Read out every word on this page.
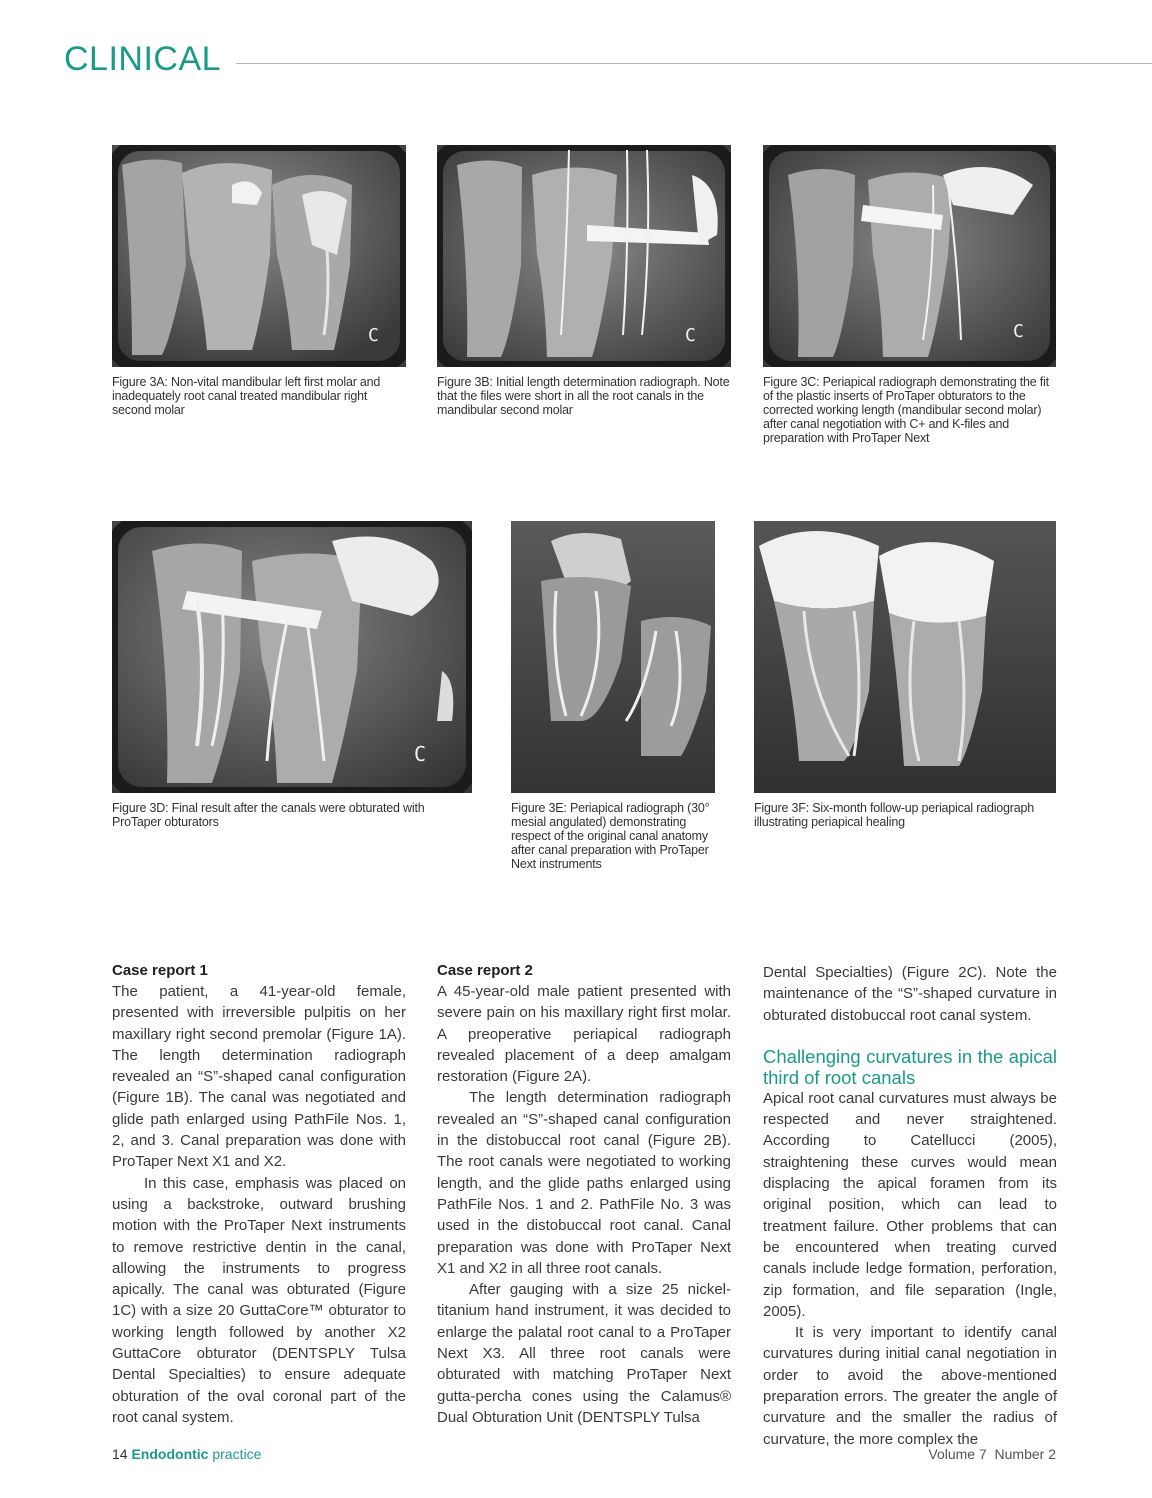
CLINICAL
C
Figure 3A: Non-vital mandibular left first molar and inadequately root canal treated mandibular right second molar
C
Figure 3B: Initial length determination radiograph. Note that the files were short in all the root canals in the mandibular second molar
C
Figure 3C: Periapical radiograph demonstrating the fit of the plastic inserts of ProTaper obturators to the corrected working length (mandibular second molar) after canal negotiation with C+ and K-files and preparation with ProTaper Next
C
Figure 3D: Final result after the canals were obturated with ProTaper obturators
Figure 3E: Periapical radiograph (30° mesial angulated) demonstrating respect of the original canal anatomy after canal preparation with ProTaper Next instruments
Figure 3F: Six-month follow-up periapical radiograph illustrating periapical healing
Case report 1

The patient, a 41-year-old female, presented with irreversible pulpitis on her maxillary right second premolar (Figure 1A). The length determination radiograph revealed an “S”-shaped canal configuration (Figure 1B). The canal was negotiated and glide path enlarged using PathFile Nos. 1, 2, and 3. Canal preparation was done with ProTaper Next X1 and X2.

In this case, emphasis was placed on using a backstroke, outward brushing motion with the ProTaper Next instruments to remove restrictive dentin in the canal, allowing the instruments to progress apically. The canal was obturated (Figure 1C) with a size 20 GuttaCore™ obturator to working length followed by another X2 GuttaCore obturator (DENTSPLY Tulsa Dental Specialties) to ensure adequate obturation of the oval coronal part of the root canal system.

Case report 2

A 45-year-old male patient presented with severe pain on his maxillary right first molar. A preoperative periapical radiograph revealed placement of a deep amalgam restoration (Figure 2A).

The length determination radiograph revealed an “S”-shaped canal configuration in the distobuccal root canal (Figure 2B). The root canals were negotiated to working length, and the glide paths enlarged using PathFile Nos. 1 and 2. PathFile No. 3 was used in the distobuccal root canal. Canal preparation was done with ProTaper Next X1 and X2 in all three root canals.

After gauging with a size 25 nickel-titanium hand instrument, it was decided to enlarge the palatal root canal to a ProTaper Next X3. All three root canals were obturated with matching ProTaper Next gutta-percha cones using the Calamus® Dual Obturation Unit (DENTSPLY Tulsa

Dental Specialties) (Figure 2C). Note the maintenance of the “S”-shaped curvature in obturated distobuccal root canal system.

Challenging curvatures in the apical third of root canals

Apical root canal curvatures must always be respected and never straightened. According to Catellucci (2005), straightening these curves would mean displacing the apical foramen from its original position, which can lead to treatment failure. Other problems that can be encountered when treating curved canals include ledge formation, perforation, zip formation, and file separation (Ingle, 2005).

It is very important to identify canal curvatures during initial canal negotiation in order to avoid the above-mentioned preparation errors. The greater the angle of curvature and the smaller the radius of curvature, the more complex the

14 Endodontic practice	Volume 7  Number 2
